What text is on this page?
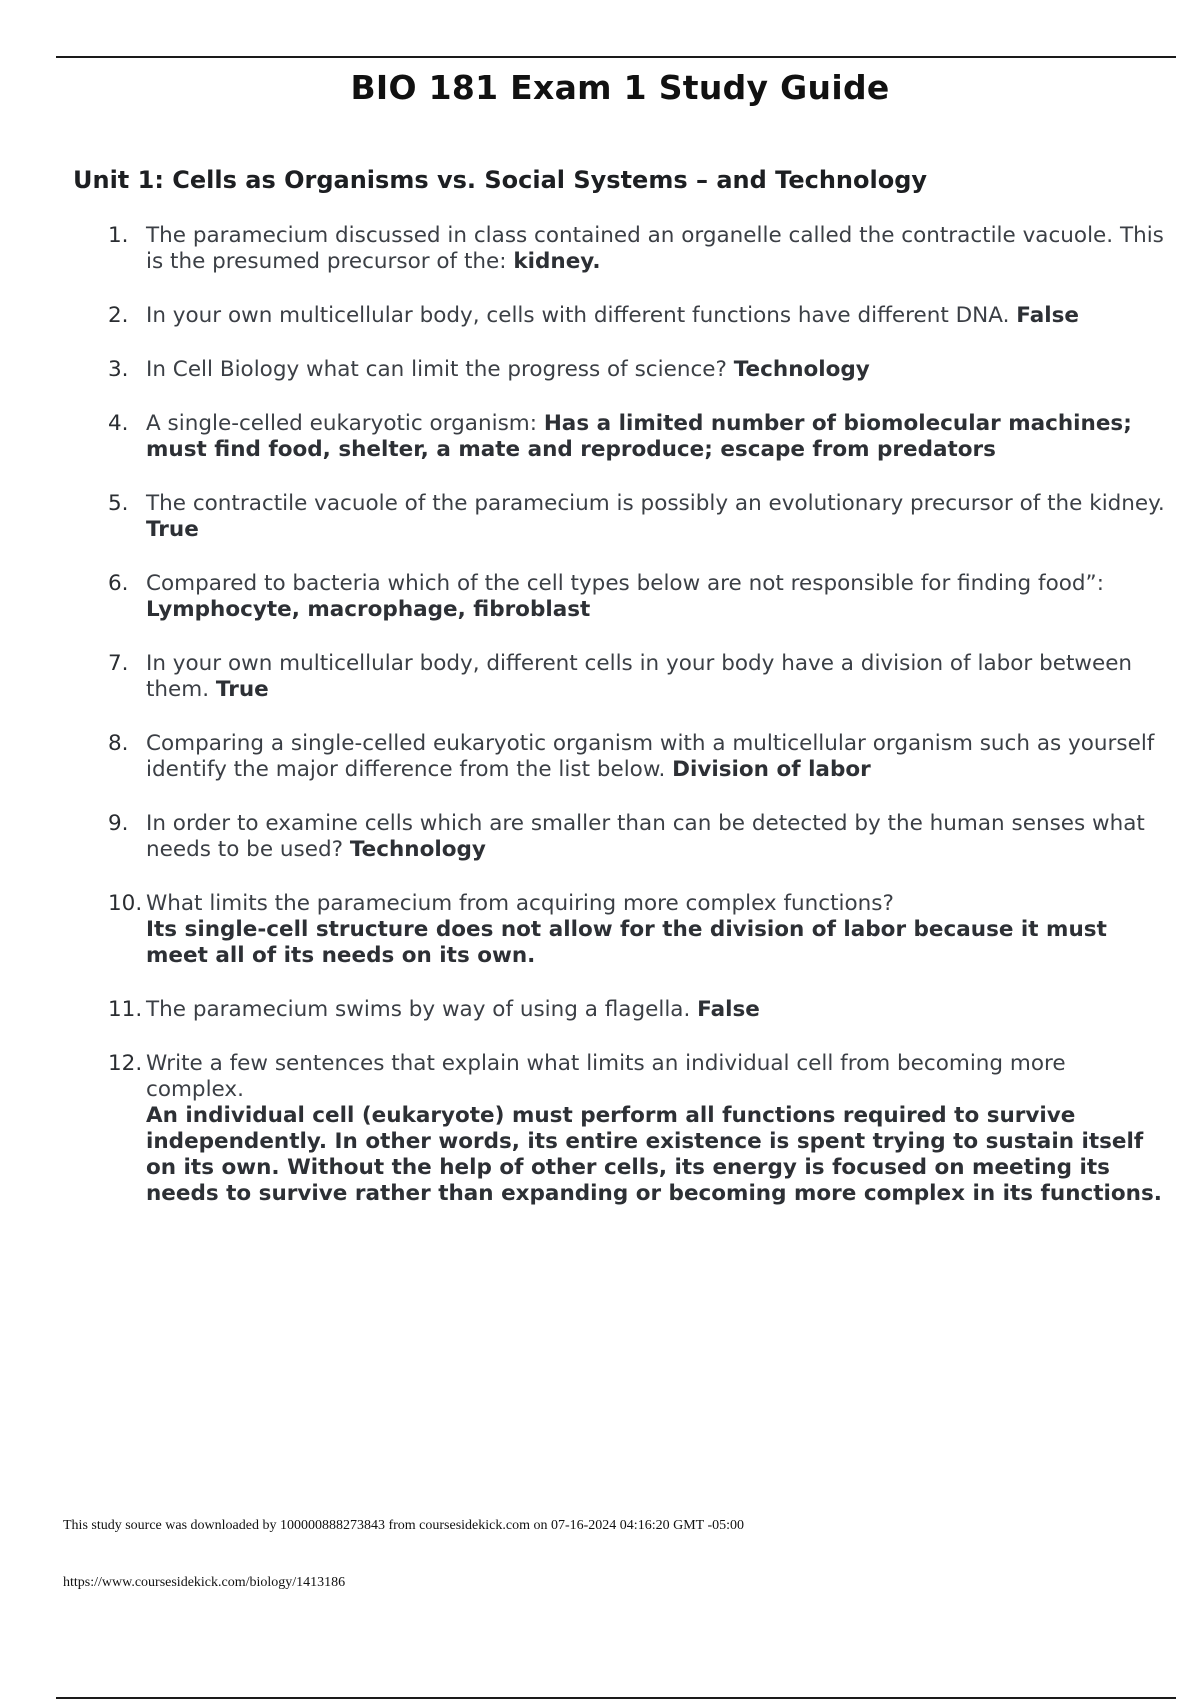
BIO 181 Exam 1 Study Guide
Unit 1: Cells as Organisms vs. Social Systems – and Technology
1. The paramecium discussed in class contained an organelle called the contractile vacuole. This is the presumed precursor of the: kidney.
2. In your own multicellular body, cells with different functions have different DNA. False
3. In Cell Biology what can limit the progress of science? Technology
4. A single-celled eukaryotic organism: Has a limited number of biomolecular machines; must find food, shelter, a mate and reproduce; escape from predators
5. The contractile vacuole of the paramecium is possibly an evolutionary precursor of the kidney. True
6. Compared to bacteria which of the cell types below are not responsible for finding food”:
Lymphocyte, macrophage, fibroblast
7. In your own multicellular body, different cells in your body have a division of labor between them. True
8. Comparing a single-celled eukaryotic organism with a multicellular organism such as yourself identify the major difference from the list below. Division of labor
9. In order to examine cells which are smaller than can be detected by the human senses what needs to be used? Technology
10. What limits the paramecium from acquiring more complex functions?
Its single-cell structure does not allow for the division of labor because it must meet all of its needs on its own.
11. The paramecium swims by way of using a flagella. False
12. Write a few sentences that explain what limits an individual cell from becoming more complex.
An individual cell (eukaryote) must perform all functions required to survive independently. In other words, its entire existence is spent trying to sustain itself on its own. Without the help of other cells, its energy is focused on meeting its needs to survive rather than expanding or becoming more complex in its functions.
This study source was downloaded by 100000888273843 from coursesidekick.com on 07-16-2024 04:16:20 GMT -05:00
https://www.coursesidekick.com/biology/1413186
